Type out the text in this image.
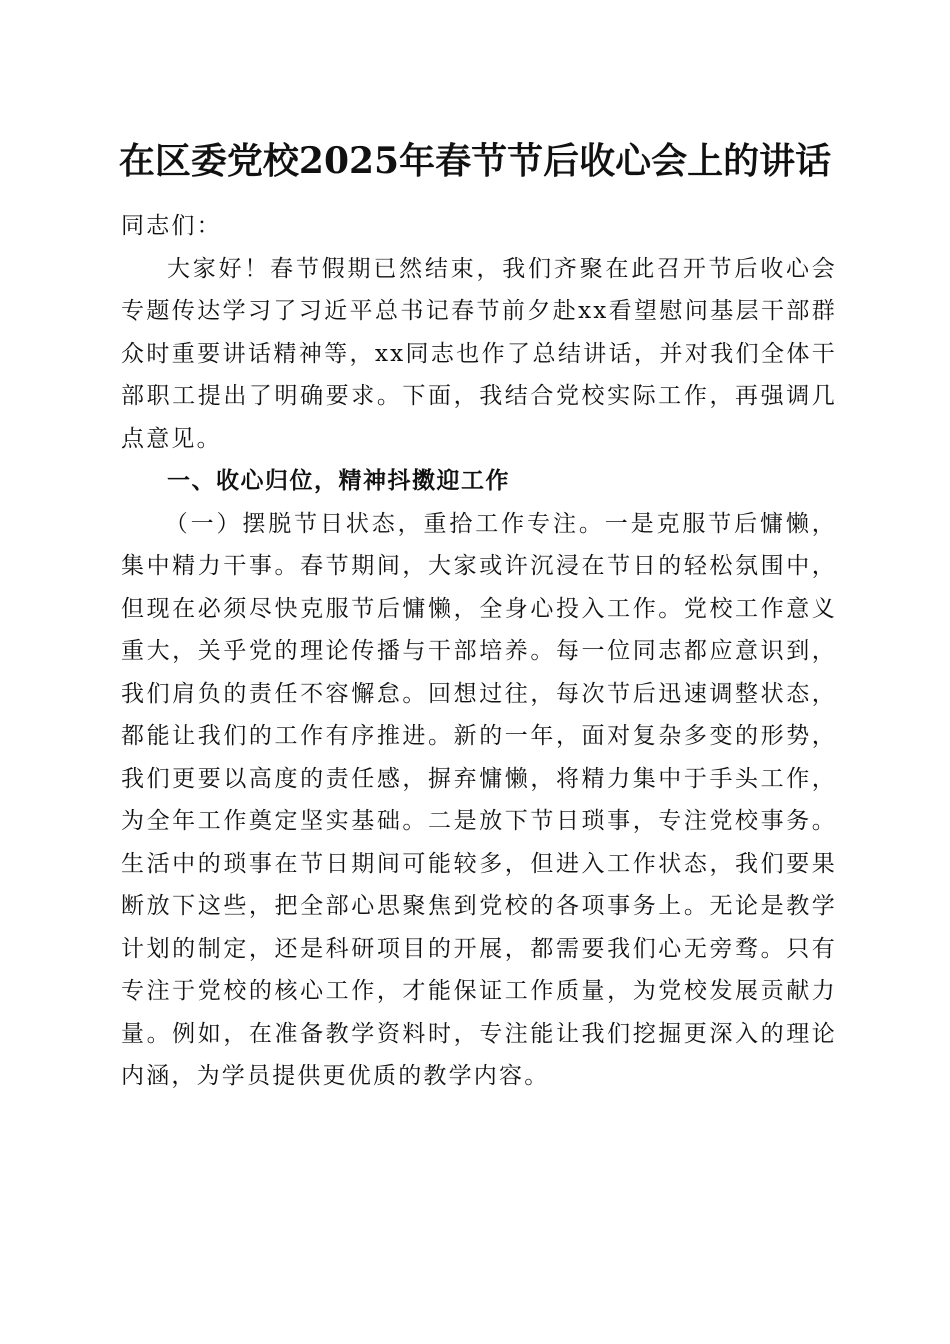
在区委党校2025年春节节后收心会上的讲话

同志们：

大家好！春节假期已然结束，我们齐聚在此召开节后收心会专题传达学习了习近平总书记春节前夕赴xx看望慰问基层干部群众时重要讲话精神等，xx同志也作了总结讲话，并对我们全体干部职工提出了明确要求。下面，我结合党校实际工作，再强调几点意见。

一、收心归位，精神抖擞迎工作

（一）摆脱节日状态，重拾工作专注。一是克服节后慵懒，集中精力干事。春节期间，大家或许沉浸在节日的轻松氛围中，但现在必须尽快克服节后慵懒，全身心投入工作。党校工作意义重大，关乎党的理论传播与干部培养。每一位同志都应意识到，我们肩负的责任不容懈怠。回想过往，每次节后迅速调整状态，都能让我们的工作有序推进。新的一年，面对复杂多变的形势，我们更要以高度的责任感，摒弃慵懒，将精力集中于手头工作，为全年工作奠定坚实基础。二是放下节日琐事，专注党校事务。生活中的琐事在节日期间可能较多，但进入工作状态，我们要果断放下这些，把全部心思聚焦到党校的各项事务上。无论是教学计划的制定，还是科研项目的开展，都需要我们心无旁骛。只有专注于党校的核心工作，才能保证工作质量，为党校发展贡献力量。例如，在准备教学资料时，专注能让我们挖掘更深入的理论内涵，为学员提供更优质的教学内容。
